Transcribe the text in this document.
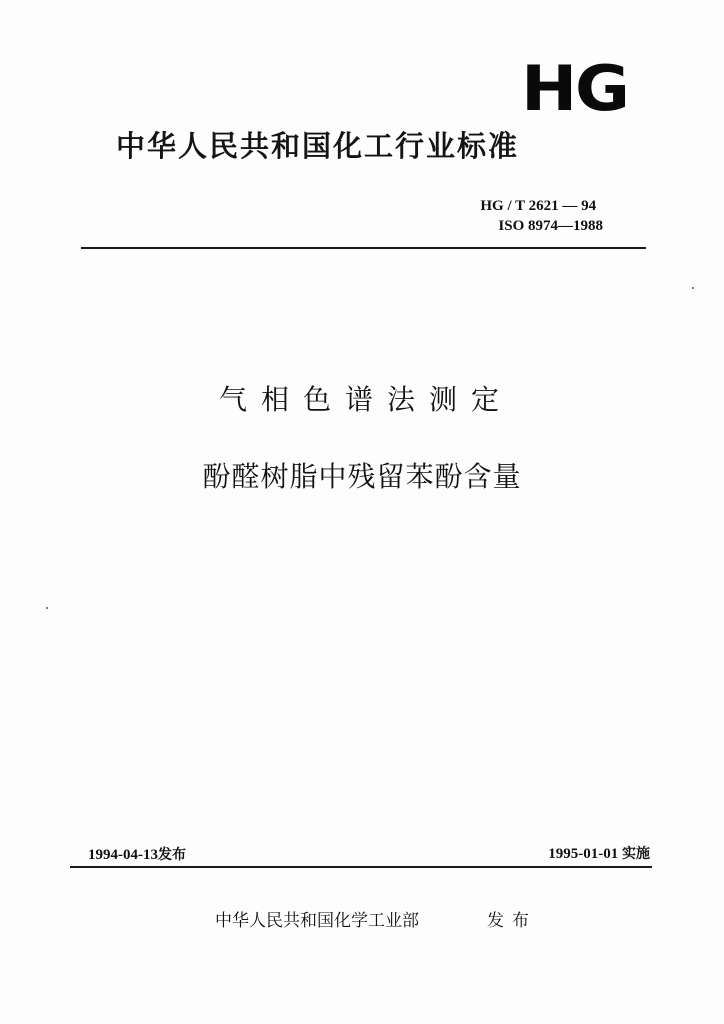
HG
中华人民共和国化工行业标准
HG / T 2621 — 94
ISO 8974—1988
气相色谱法测定
酚醛树脂中残留苯酚含量
1994-04-13发布	1995-01-01 实施
中华人民共和国化学工业部	发布
